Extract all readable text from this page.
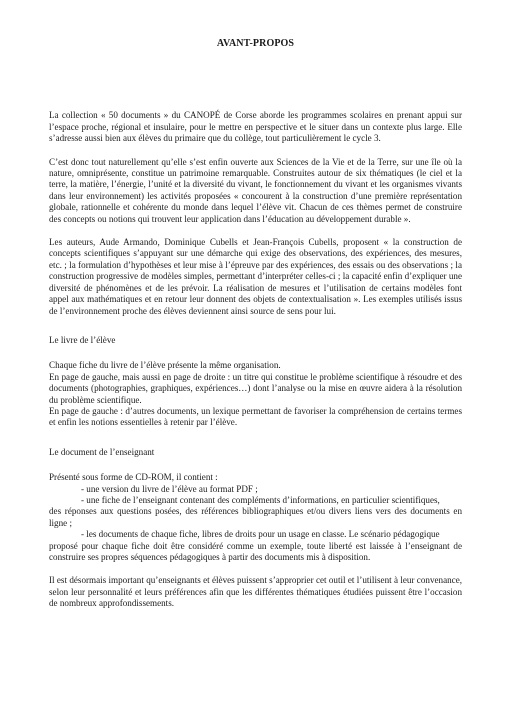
AVANT-PROPOS

La collection « 50 documents » du CANOPÉ de Corse aborde les programmes scolaires en prenant appui sur l’espace proche, régional et insulaire, pour le mettre en perspective et le situer dans un contexte plus large. Elle s’adresse aussi bien aux élèves du primaire que du collège, tout particulièrement le cycle 3.

C’est donc tout naturellement qu’elle s’est enfin ouverte aux Sciences de la Vie et de la Terre, sur une île où la nature, omniprésente, constitue un patrimoine remarquable. Construites autour de six thématiques (le ciel et la terre, la matière, l’énergie, l’unité et la diversité du vivant, le fonctionnement du vivant et les organismes vivants dans leur environnement) les activités proposées « concourent à la construction d’une première représentation globale, rationnelle et cohérente du monde dans lequel l’élève vit. Chacun de ces thèmes permet de construire des concepts ou notions qui trouvent leur application dans l’éducation au développement durable ».

Les auteurs, Aude Armando, Dominique Cubells et Jean-François Cubells, proposent « la construction de concepts scientifiques s’appuyant sur une démarche qui exige des observations, des expériences, des mesures, etc. ; la formulation d’hypothèses et leur mise à l’épreuve par des expériences, des essais ou des observations ; la construction progressive de modèles simples, permettant d’interpréter celles-ci ; la capacité enfin d’expliquer une diversité de phénomènes et de les prévoir. La réalisation de mesures et l’utilisation de certains modèles font appel aux mathématiques et en retour leur donnent des objets de contextualisation ». Les exemples utilisés issus de l’environnement proche des élèves deviennent ainsi source de sens pour lui.

Le livre de l’élève

Chaque fiche du livre de l’élève présente la même organisation.

En page de gauche, mais aussi en page de droite : un titre qui constitue le problème scientifique à résoudre et des documents (photographies, graphiques, expériences…) dont l’analyse ou la mise en œuvre aidera à la résolution du problème scientifique.

En page de gauche : d’autres documents, un lexique permettant de favoriser la compréhension de certains termes et enfin les notions essentielles à retenir par l’élève.

Le document de l’enseignant

Présenté sous forme de CD-ROM, il contient :

- une version du livre de l’élève au format PDF ;

- une fiche de l’enseignant contenant des compléments d’informations, en particulier scientifiques,

des réponses aux questions posées, des références bibliographiques et/ou divers liens vers des documents en ligne ;

- les documents de chaque fiche, libres de droits pour un usage en classe. Le scénario pédagogique

proposé pour chaque fiche doit être considéré comme un exemple, toute liberté est laissée à l’enseignant de construire ses propres séquences pédagogiques à partir des documents mis à disposition.

Il est désormais important qu’enseignants et élèves puissent s’approprier cet outil et l’utilisent à leur convenance, selon leur personnalité et leurs préférences afin que les différentes thématiques étudiées puissent être l’occasion de nombreux approfondissements.
